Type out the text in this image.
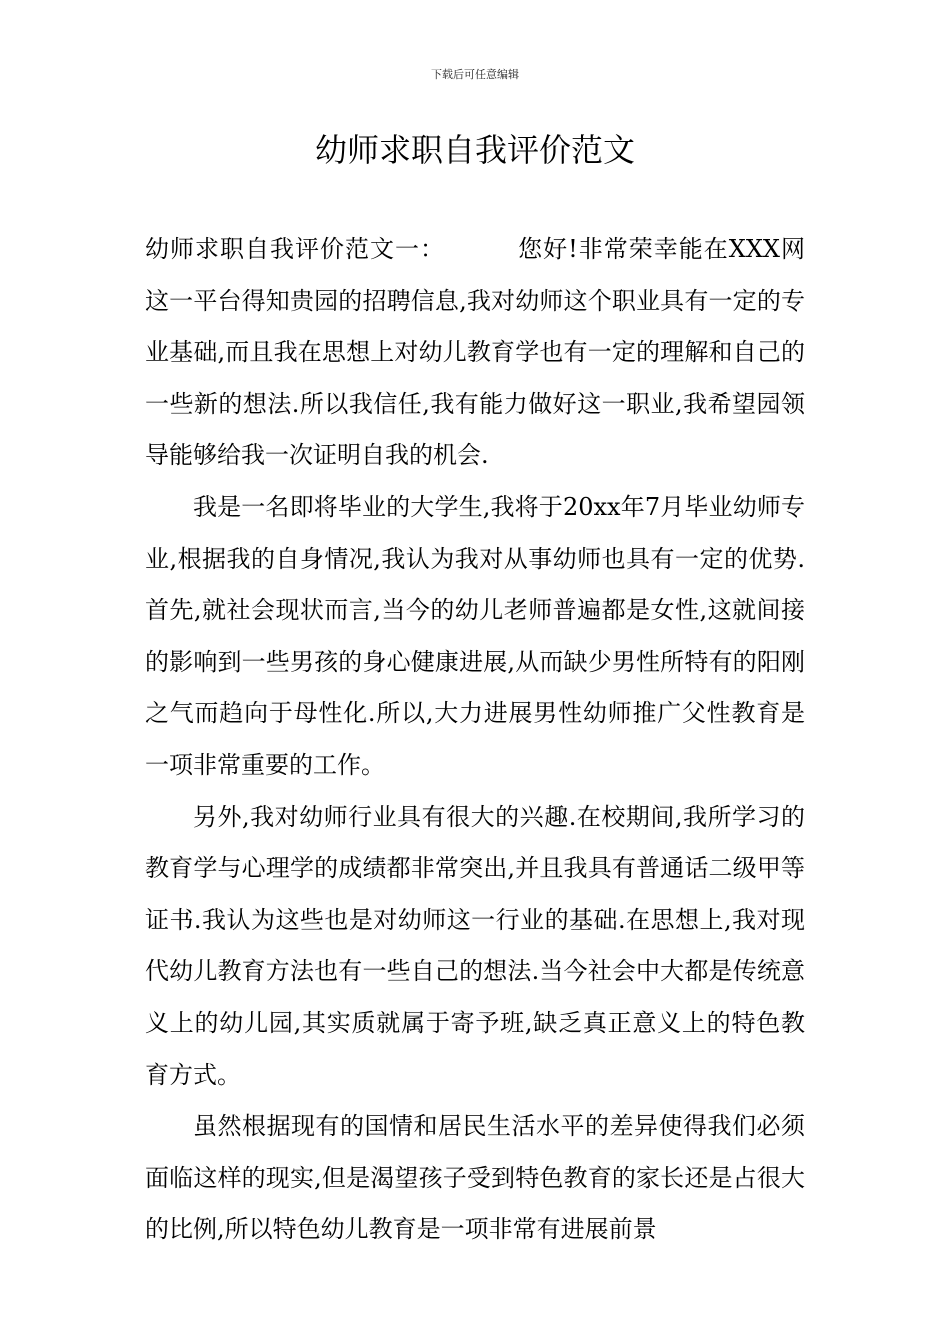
下载后可任意编辑
幼师求职自我评价范文

幼师求职自我评价范文一：	您好!非常荣幸能在XXX网这一平台得知贵园的招聘信息,我对幼师这个职业具有一定的专业基础,而且我在思想上对幼儿教育学也有一定的理解和自己的一些新的想法.所以我信任,我有能力做好这一职业,我希望园领导能够给我一次证明自我的机会.

我是一名即将毕业的大学生,我将于20xx年7月毕业幼师专业,根据我的自身情况,我认为我对从事幼师也具有一定的优势.首先,就社会现状而言,当今的幼儿老师普遍都是女性,这就间接的影响到一些男孩的身心健康进展,从而缺少男性所特有的阳刚之气而趋向于母性化.所以,大力进展男性幼师推广父性教育是一项非常重要的工作。

另外,我对幼师行业具有很大的兴趣.在校期间,我所学习的教育学与心理学的成绩都非常突出,并且我具有普通话二级甲等证书.我认为这些也是对幼师这一行业的基础.在思想上,我对现代幼儿教育方法也有一些自己的想法.当今社会中大都是传统意义上的幼儿园,其实质就属于寄予班,缺乏真正意义上的特色教育方式。

虽然根据现有的国情和居民生活水平的差异使得我们必须面临这样的现实,但是渴望孩子受到特色教育的家长还是占很大的比例,所以特色幼儿教育是一项非常有进展前景
